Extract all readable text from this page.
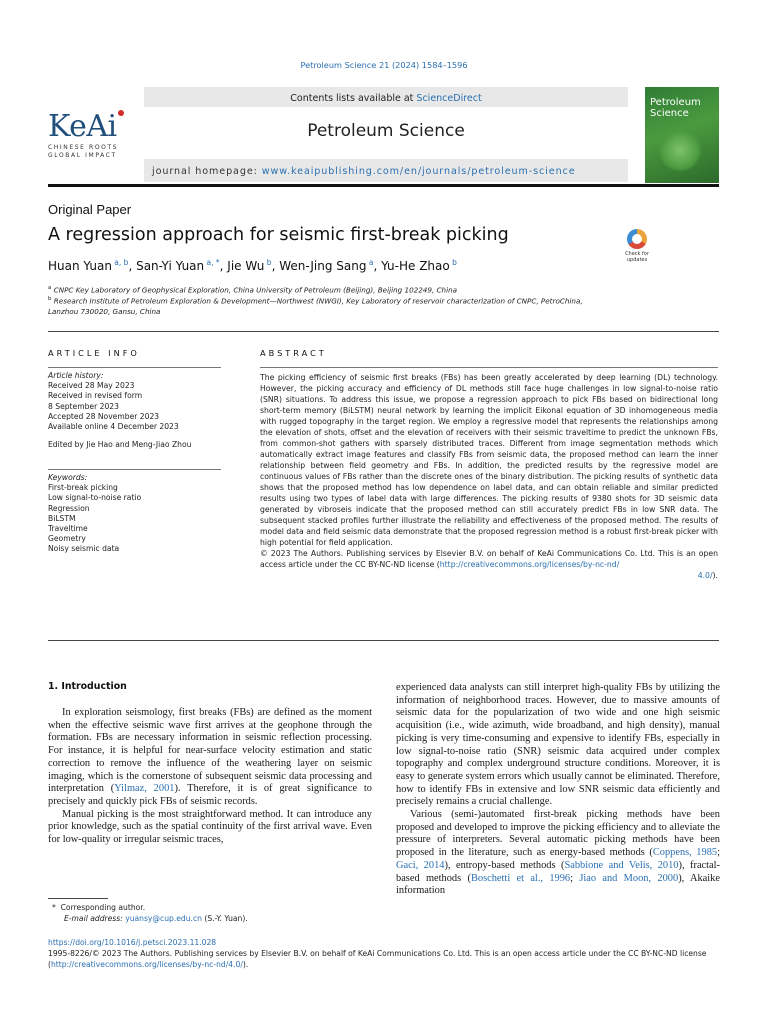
Petroleum Science 21 (2024) 1584–1596
Contents lists available at ScienceDirect
Petroleum Science
journal homepage: www.keaipublishing.com/en/journals/petroleum-science
KeAi
CHINESE ROOTS
GLOBAL IMPACT
Petroleum Science
Original Paper
A regression approach for seismic first-break picking
Check for updates
Huan Yuan $^{a, b}$, San-Yi Yuan $^{a, *}$, Jie Wu $^b$, Wen-Jing Sang $^a$, Yu-He Zhao $^b$
$^a$ CNPC Key Laboratory of Geophysical Exploration, China University of Petroleum (Beijing), Beijing 102249, China
$^b$ Research Institute of Petroleum Exploration & Development—Northwest (NWGI), Key Laboratory of reservoir characterization of CNPC, PetroChina,
Lanzhou 730020, Gansu, China
ARTICLE INFO
Article history:
Received 28 May 2023
Received in revised form
8 September 2023
Accepted 28 November 2023
Available online 4 December 2023
Edited by Jie Hao and Meng-Jiao Zhou
Keywords:
First-break picking
Low signal-to-noise ratio
Regression
BiLSTM
Traveltime
Geometry
Noisy seismic data
ABSTRACT
The picking efficiency of seismic first breaks (FBs) has been greatly accelerated by deep learning (DL) technology. However, the picking accuracy and efficiency of DL methods still face huge challenges in low signal-to-noise ratio (SNR) situations. To address this issue, we propose a regression approach to pick FBs based on bidirectional long short-term memory (BiLSTM) neural network by learning the implicit Eikonal equation of 3D inhomogeneous media with rugged topography in the target region. We employ a regressive model that represents the relationships among the elevation of shots, offset and the elevation of receivers with their seismic traveltime to predict the unknown FBs, from common-shot gathers with sparsely distributed traces. Different from image segmentation methods which automatically extract image features and classify FBs from seismic data, the proposed method can learn the inner relationship between field geometry and FBs. In addition, the predicted results by the regressive model are continuous values of FBs rather than the discrete ones of the binary distribution. The picking results of synthetic data shows that the proposed method has low dependence on label data, and can obtain reliable and similar predicted results using two types of label data with large differences. The picking results of 9380 shots for 3D seismic data generated by vibroseis indicate that the proposed method can still accurately predict FBs in low SNR data. The subsequent stacked profiles further illustrate the reliability and effectiveness of the proposed method. The results of model data and field seismic data demonstrate that the proposed regression method is a robust first-break picker with high potential for field application.
© 2023 The Authors. Publishing services by Elsevier B.V. on behalf of KeAi Communications Co. Ltd. This is an open access article under the CC BY-NC-ND license (http://creativecommons.org/licenses/by-nc-nd/
4.0/).
1. Introduction

In exploration seismology, first breaks (FBs) are defined as the moment when the effective seismic wave first arrives at the geophone through the formation. FBs are necessary information in seismic reflection processing. For instance, it is helpful for near-surface velocity estimation and static correction to remove the influence of the weathering layer on seismic imaging, which is the cornerstone of subsequent seismic data processing and interpretation (Yilmaz, 2001). Therefore, it is of great significance to precisely and quickly pick FBs of seismic records.

Manual picking is the most straightforward method. It can introduce any prior knowledge, such as the spatial continuity of the first arrival wave. Even for low-quality or irregular seismic traces,

experienced data analysts can still interpret high-quality FBs by utilizing the information of neighborhood traces. However, due to massive amounts of seismic data for the popularization of two wide and one high seismic acquisition (i.e., wide azimuth, wide broadband, and high density), manual picking is very time-consuming and expensive to identify FBs, especially in low signal-to-noise ratio (SNR) seismic data acquired under complex topography and complex underground structure conditions. Moreover, it is easy to generate system errors which usually cannot be eliminated. Therefore, how to identify FBs in extensive and low SNR seismic data efficiently and precisely remains a crucial challenge.

Various (semi-)automated first-break picking methods have been proposed and developed to improve the picking efficiency and to alleviate the pressure of interpreters. Several automatic picking methods have been proposed in the literature, such as energy-based methods (Coppens, 1985; Gaci, 2014), entropy-based methods (Sabbione and Velis, 2010), fractal-based methods (Boschetti et al., 1996; Jiao and Moon, 2000), Akaike information

* Corresponding author.
E-mail address: yuansy@cup.edu.cn (S.-Y. Yuan).
https://doi.org/10.1016/j.petsci.2023.11.028
1995-8226/© 2023 The Authors. Publishing services by Elsevier B.V. on behalf of KeAi Communications Co. Ltd. This is an open access article under the CC BY-NC-ND license
(http://creativecommons.org/licenses/by-nc-nd/4.0/).
